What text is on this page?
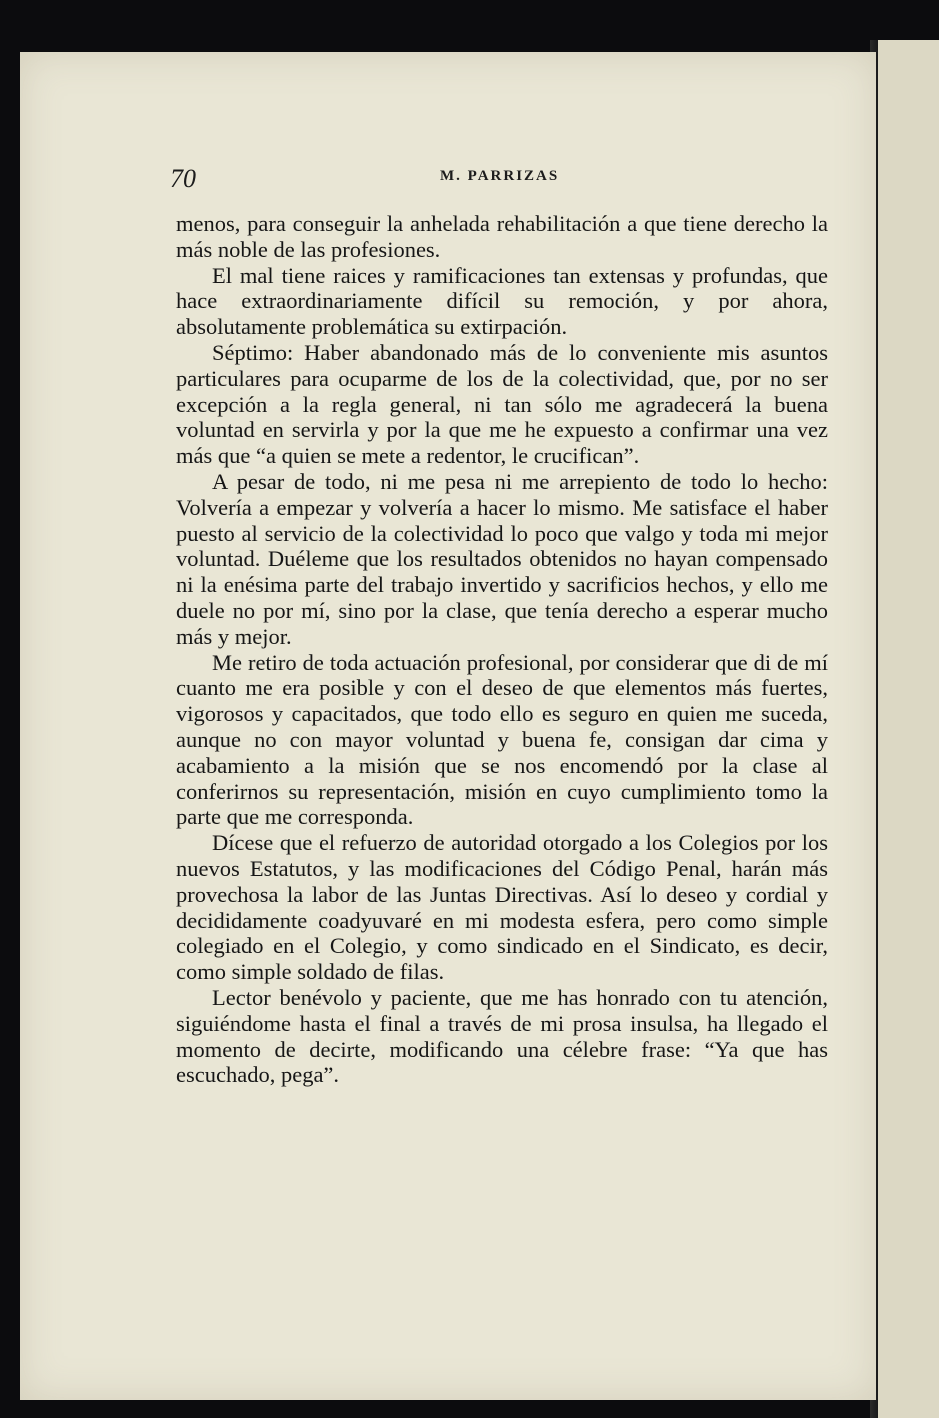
70	M. PARRIZAS

menos, para conseguir la anhelada rehabilitación a que tiene derecho la más noble de las profesiones.

El mal tiene raices y ramificaciones tan extensas y profundas, que hace extraordinariamente difícil su remoción, y por ahora, absolutamente problemática su extirpación.

Séptimo: Haber abandonado más de lo conveniente mis asuntos particulares para ocuparme de los de la colectividad, que, por no ser excepción a la regla general, ni tan sólo me agradecerá la buena voluntad en servirla y por la que me he expuesto a confirmar una vez más que “a quien se mete a redentor, le crucifican”.

A pesar de todo, ni me pesa ni me arrepiento de todo lo hecho: Volvería a empezar y volvería a hacer lo mismo. Me satisface el haber puesto al servicio de la colectividad lo poco que valgo y toda mi mejor voluntad. Duéleme que los resultados obtenidos no hayan compensado ni la enésima parte del trabajo invertido y sacrificios hechos, y ello me duele no por mí, sino por la clase, que tenía derecho a esperar mucho más y mejor.

Me retiro de toda actuación profesional, por considerar que di de mí cuanto me era posible y con el deseo de que elementos más fuertes, vigorosos y capacitados, que todo ello es seguro en quien me suceda, aunque no con mayor voluntad y buena fe, consigan dar cima y acabamiento a la misión que se nos encomendó por la clase al conferirnos su representación, misión en cuyo cumplimiento tomo la parte que me corresponda.

Dícese que el refuerzo de autoridad otorgado a los Colegios por los nuevos Estatutos, y las modificaciones del Código Penal, harán más provechosa la labor de las Juntas Directivas. Así lo deseo y cordial y decididamente coadyuvaré en mi modesta esfera, pero como simple colegiado en el Colegio, y como sindicado en el Sindicato, es decir, como simple soldado de filas.

Lector benévolo y paciente, que me has honrado con tu atención, siguiéndome hasta el final a través de mi prosa insulsa, ha llegado el momento de decirte, modificando una célebre frase: “Ya que has escuchado, pega”.
